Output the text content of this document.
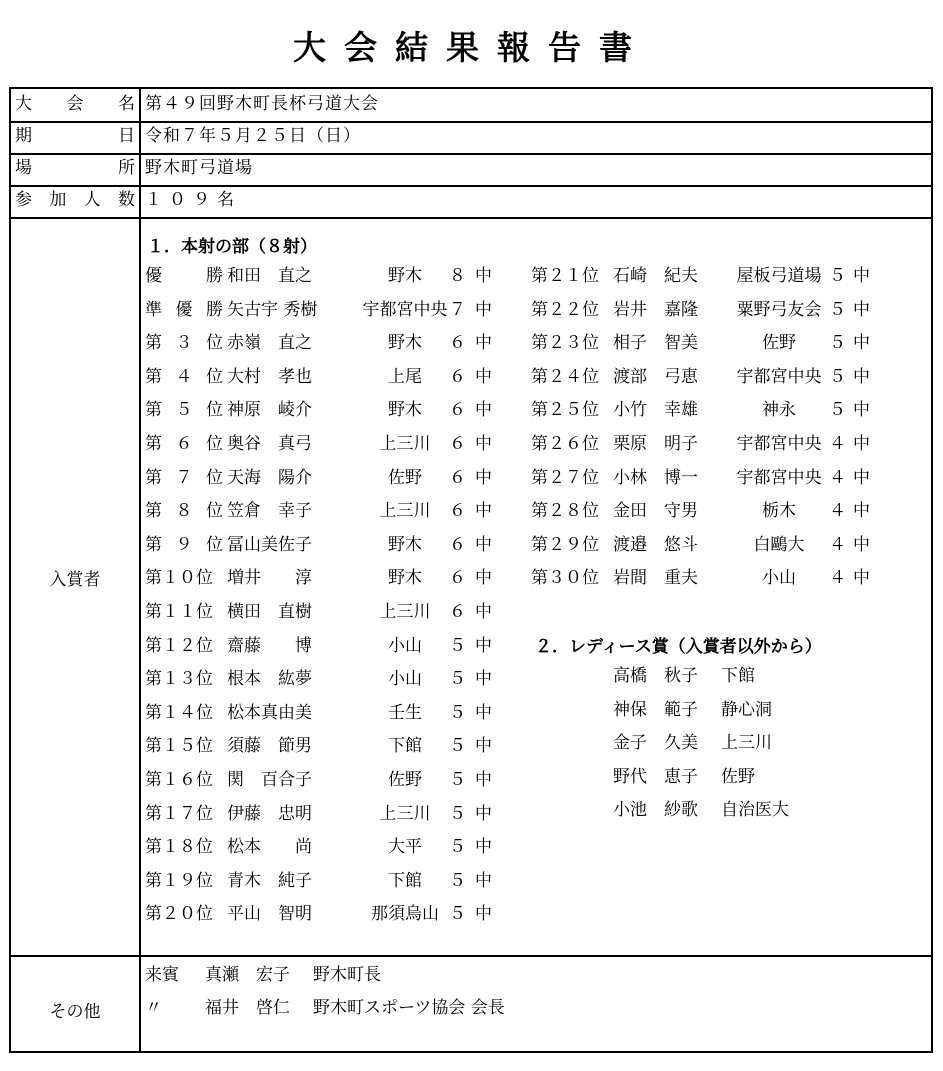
大会結果報告書
大 会 名 第４９回野木町長杯弓道大会
期	日 令和７年５月２５日（日）
場	所 野木町弓道場
参 加 人 数 １０９名
入賞者
１．本射の部（８射）
優	勝 和田　直之	野木	８ 中
準 優 勝 矢古宇 秀樹	宇都宮中央 ７ 中
第 ３ 位 赤嶺　直之	野木	６ 中
第 ４ 位 大村　孝也	上尾	６ 中
第 ５ 位 神原　崚介	野木	６ 中
第 ６ 位 奥谷　真弓	上三川	６ 中
第 ７ 位 天海　陽介	佐野	６ 中
第 ８ 位 笠倉　幸子	上三川	６ 中
第 ９ 位 冨山美佐子	野木	６ 中
第１０位 増井　　淳	野木	６ 中
第１１位 横田　直樹	上三川	６ 中
第１２位 齋藤　　博	小山	５ 中
第１３位 根本　紘夢	小山	５ 中
第１４位 松本真由美	壬生	５ 中
第１５位 須藤　節男	下館	５ 中
第１６位 関　百合子	佐野	５ 中
第１７位 伊藤　忠明	上三川	５ 中
第１８位 松本　　尚	大平	５ 中
第１９位 青木　純子	下館	５ 中
第２０位 平山　智明	那須烏山 ５ 中
第２１位 石崎　紀夫	屋板弓道場 ５ 中
第２２位 岩井　嘉隆	粟野弓友会 ５ 中
第２３位 相子　智美	佐野	５ 中
第２４位 渡部　弓恵	宇都宮中央 ５ 中
第２５位 小竹　幸雄	神永	５ 中
第２６位 栗原　明子	宇都宮中央 ４ 中
第２７位 小林　博一	宇都宮中央 ４ 中
第２８位 金田　守男	栃木	４ 中
第２９位 渡邉　悠斗	白鷗大	４ 中
第３０位 岩間　重夫	小山	４ 中
２．レディース賞（入賞者以外から）
高橋　秋子 下館
神保　範子 静心洞
金子　久美 上三川
野代　恵子 佐野
小池　紗歌 自治医大
その他
来賓 真瀬　宏子 野木町長
〃	福井　啓仁 野木町スポーツ協会 会長
